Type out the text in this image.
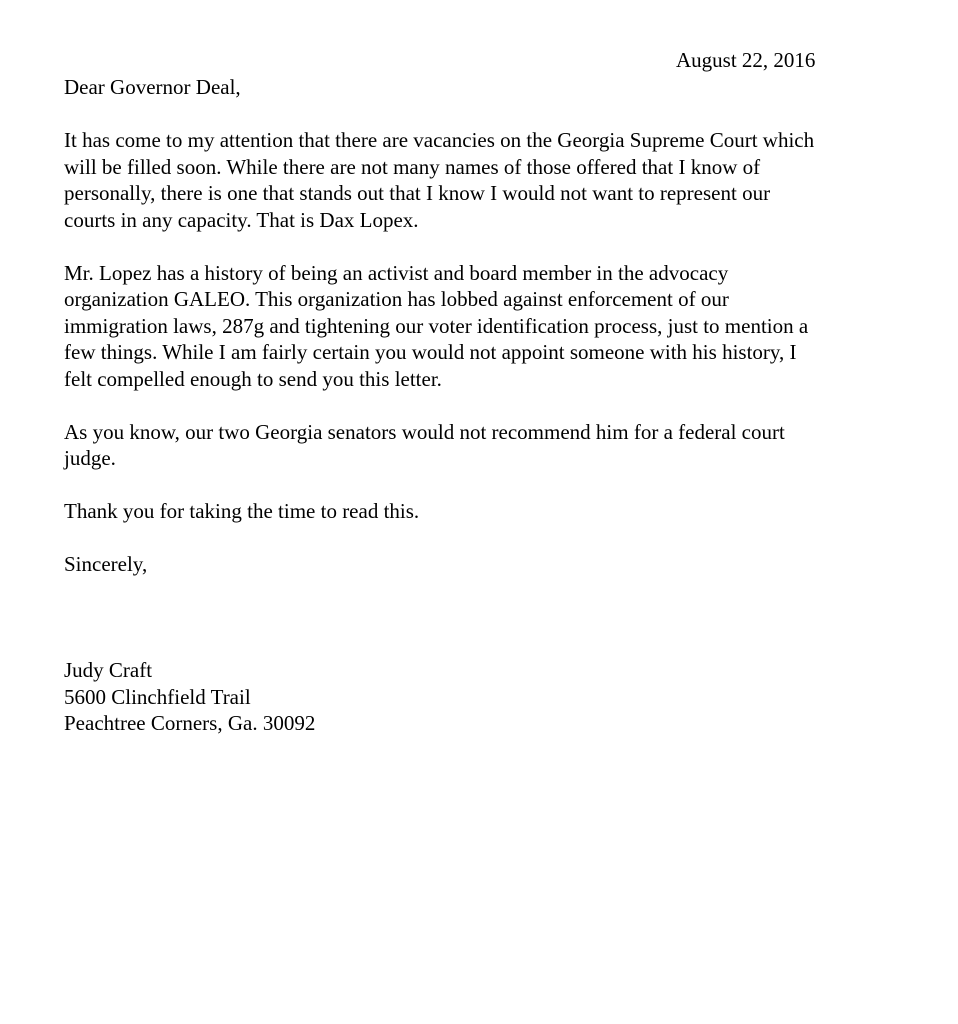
August 22, 2016
Dear Governor Deal,
It has come to my attention that there are vacancies on the Georgia Supreme Court which
will be filled soon. While there are not many names of those offered that I know of
personally, there is one that stands out that I know I would not want to represent our
courts in any capacity. That is Dax Lopex.
Mr. Lopez has a history of being an activist and board member in the advocacy
organization GALEO. This organization has lobbed against enforcement of our
immigration laws, 287g and tightening our voter identification process, just to mention a
few things. While I am fairly certain you would not appoint someone with his history, I
felt compelled enough to send you this letter.
As you know, our two Georgia senators would not recommend him for a federal court
judge.
Thank you for taking the time to read this.
Sincerely,
Judy Craft
5600 Clinchfield Trail
Peachtree Corners, Ga. 30092
